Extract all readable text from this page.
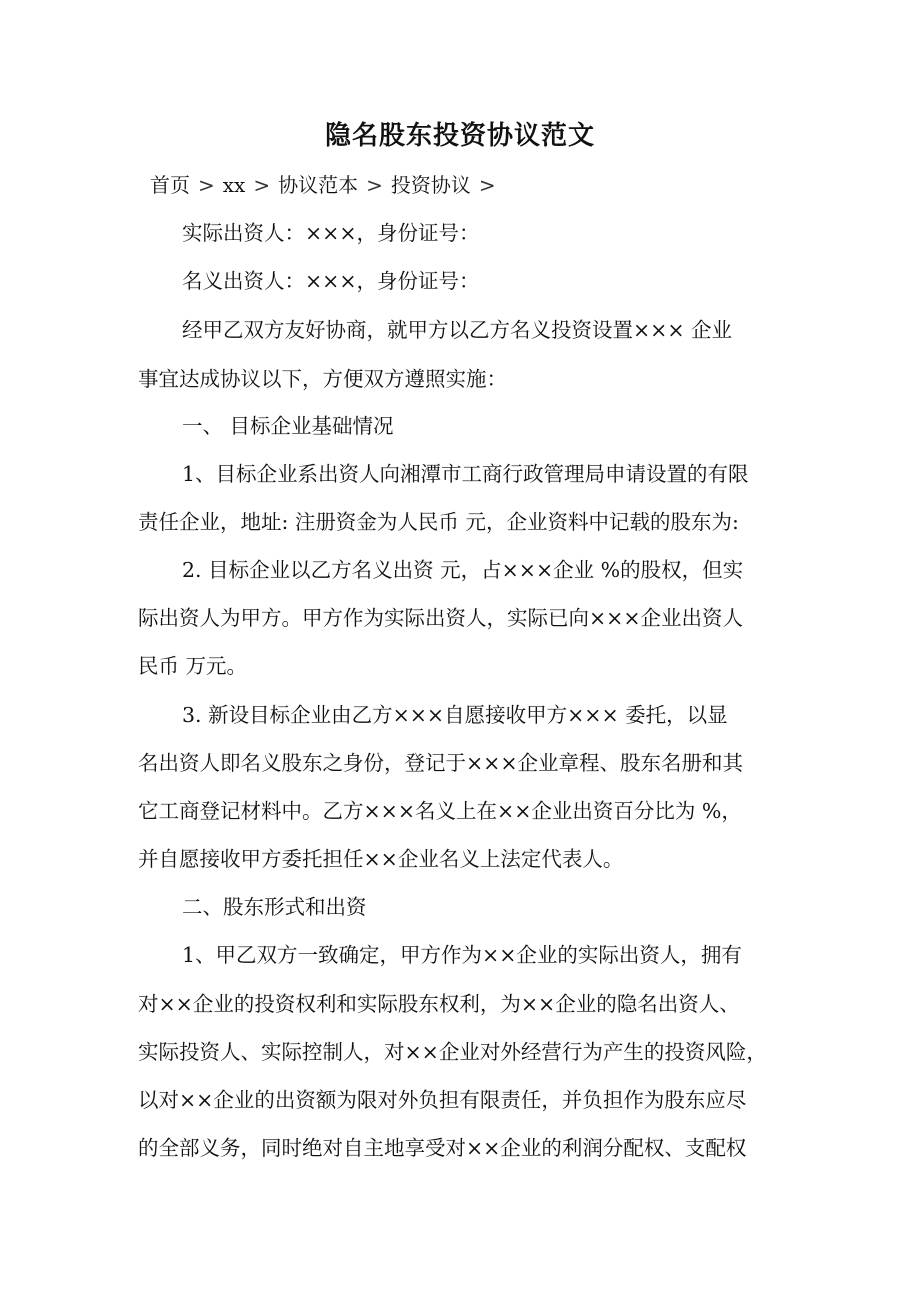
隐名股东投资协议范文
首页 > xx > 协议范本 > 投资协议 >
实际出资人：×××，身份证号：
名义出资人：×××，身份证号：
经甲乙双方友好协商，就甲方以乙方名义投资设置××× 企业
事宜达成协议以下，方便双方遵照实施：
一、 目标企业基础情况
1、目标企业系出资人向湘潭市工商行政管理局申请设置的有限
责任企业，地址: 注册资金为人民币 元，企业资料中记载的股东为:
2. 目标企业以乙方名义出资 元，占×××企业 %的股权，但实
际出资人为甲方。甲方作为实际出资人，实际已向×××企业出资人
民币 万元。
3. 新设目标企业由乙方×××自愿接收甲方××× 委托，以显
名出资人即名义股东之身份，登记于×××企业章程、股东名册和其
它工商登记材料中。乙方×××名义上在××企业出资百分比为 %，
并自愿接收甲方委托担任××企业名义上法定代表人。
二、股东形式和出资
1、甲乙双方一致确定，甲方作为××企业的实际出资人，拥有
对××企业的投资权利和实际股东权利，为××企业的隐名出资人、
实际投资人、实际控制人，对××企业对外经营行为产生的投资风险，
以对××企业的出资额为限对外负担有限责任，并负担作为股东应尽
的全部义务，同时绝对自主地享受对××企业的利润分配权、支配权
